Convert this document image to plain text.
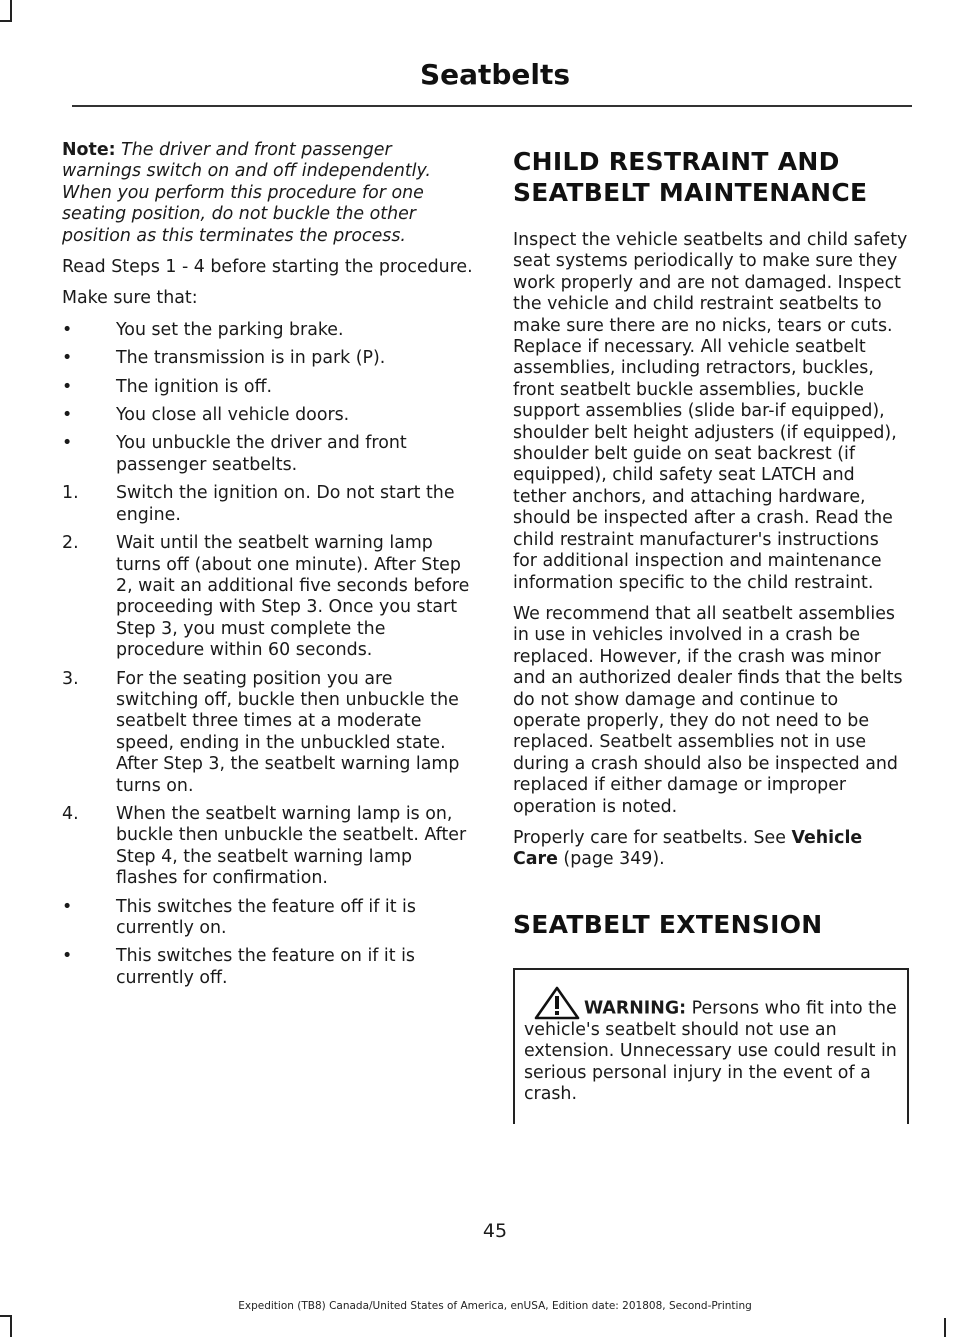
Seatbelts

Note: The driver and front passenger warnings switch on and off independently. When you perform this procedure for one seating position, do not buckle the other position as this terminates the process.

Read Steps 1 - 4 before starting the procedure.

Make sure that:

•	You set the parking brake.
•	The transmission is in park (P).
•	The ignition is off.
•	You close all vehicle doors.
•	You unbuckle the driver and front passenger seatbelts.
1. Switch the ignition on. Do not start the engine.
2. Wait until the seatbelt warning lamp turns off (about one minute). After Step 2, wait an additional five seconds before proceeding with Step 3. Once you start Step 3, you must complete the procedure within 60 seconds.
3. For the seating position you are switching off, buckle then unbuckle the seatbelt three times at a moderate speed, ending in the unbuckled state. After Step 3, the seatbelt warning lamp turns on.
4. When the seatbelt warning lamp is on, buckle then unbuckle the seatbelt. After Step 4, the seatbelt warning lamp flashes for confirmation.
•	This switches the feature off if it is currently on.
•	This switches the feature on if it is currently off.
CHILD RESTRAINT AND SEATBELT MAINTENANCE

Inspect the vehicle seatbelts and child safety seat systems periodically to make sure they work properly and are not damaged. Inspect the vehicle and child restraint seatbelts to make sure there are no nicks, tears or cuts. Replace if necessary. All vehicle seatbelt assemblies, including retractors, buckles, front seatbelt buckle assemblies, buckle support assemblies (slide bar-if equipped), shoulder belt height adjusters (if equipped), shoulder belt guide on seat backrest (if equipped), child safety seat LATCH and tether anchors, and attaching hardware, should be inspected after a crash. Read the child restraint manufacturer's instructions for additional inspection and maintenance information specific to the child restraint.

We recommend that all seatbelt assemblies in use in vehicles involved in a crash be replaced. However, if the crash was minor and an authorized dealer finds that the belts do not show damage and continue to operate properly, they do not need to be replaced. Seatbelt assemblies not in use during a crash should also be inspected and replaced if either damage or improper operation is noted.

Properly care for seatbelts. See Vehicle Care (page 349).

SEATBELT EXTENSION
WARNING: Persons who fit into the vehicle's seatbelt should not use an extension. Unnecessary use could result in serious personal injury in the event of a crash.
45
Expedition (TB8) Canada/United States of America, enUSA, Edition date: 201808, Second-Printing
